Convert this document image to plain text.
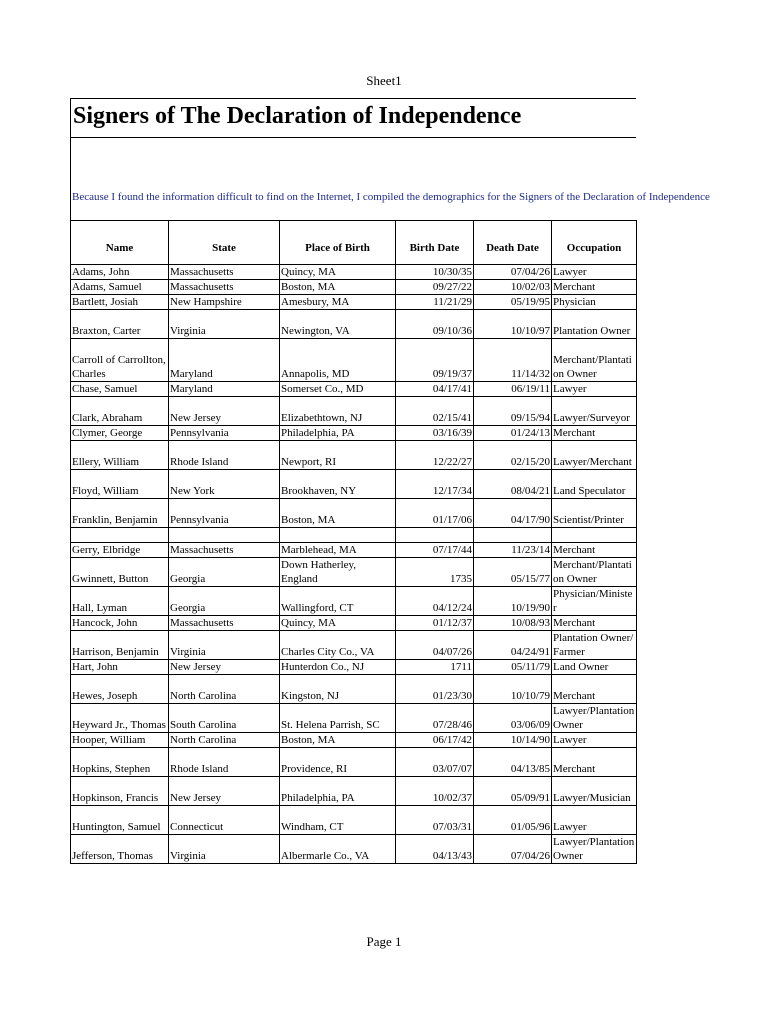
Sheet1
Signers of The Declaration of Independence
Because I found the information difficult to find on the Internet, I compiled the demographics for the Signers of the Declaration of Independence
Name	State	Place of Birth	Birth Date	Death Date	Occupation
Adams, John	Massachusetts	Quincy, MA	10/30/35	07/04/26	Lawyer
Adams, Samuel	Massachusetts	Boston, MA	09/27/22	10/02/03	Merchant
Bartlett, Josiah	New Hampshire	Amesbury, MA	11/21/29	05/19/95	Physician
Braxton, Carter	Virginia	Newington, VA	09/10/36	10/10/97	Plantation Owner
Carroll of Carrollton, Charles	Maryland	Annapolis, MD	09/19/37	11/14/32	Merchant/Plantation Owner
Chase, Samuel	Maryland	Somerset Co., MD	04/17/41	06/19/11	Lawyer
Clark, Abraham	New Jersey	Elizabethtown, NJ	02/15/41	09/15/94	Lawyer/Surveyor
Clymer, George	Pennsylvania	Philadelphia, PA	03/16/39	01/24/13	Merchant
Ellery, William	Rhode Island	Newport, RI	12/22/27	02/15/20	Lawyer/Merchant
Floyd, William	New York	Brookhaven, NY	12/17/34	08/04/21	Land Speculator
Franklin, Benjamin	Pennsylvania	Boston, MA	01/17/06	04/17/90	Scientist/Printer

Gerry, Elbridge	Massachusetts	Marblehead, MA	07/17/44	11/23/14	Merchant
Gwinnett, Button	Georgia	Down Hatherley, England	1735	05/15/77	Merchant/Plantation Owner
Hall, Lyman	Georgia	Wallingford, CT	04/12/24	10/19/90	Physician/Minister
Hancock, John	Massachusetts	Quincy, MA	01/12/37	10/08/93	Merchant
Harrison, Benjamin	Virginia	Charles City Co., VA	04/07/26	04/24/91	Plantation Owner/Farmer
Hart, John	New Jersey	Hunterdon Co., NJ	1711	05/11/79	Land Owner
Hewes, Joseph	North Carolina	Kingston, NJ	01/23/30	10/10/79	Merchant
Heyward Jr., Thomas	South Carolina	St. Helena Parrish, SC	07/28/46	03/06/09	Lawyer/Plantation Owner
Hooper, William	North Carolina	Boston, MA	06/17/42	10/14/90	Lawyer
Hopkins, Stephen	Rhode Island	Providence, RI	03/07/07	04/13/85	Merchant
Hopkinson, Francis	New Jersey	Philadelphia, PA	10/02/37	05/09/91	Lawyer/Musician
Huntington, Samuel	Connecticut	Windham, CT	07/03/31	01/05/96	Lawyer
Jefferson, Thomas	Virginia	Albermarle Co., VA	04/13/43	07/04/26	Lawyer/Plantation Owner
Page 1
